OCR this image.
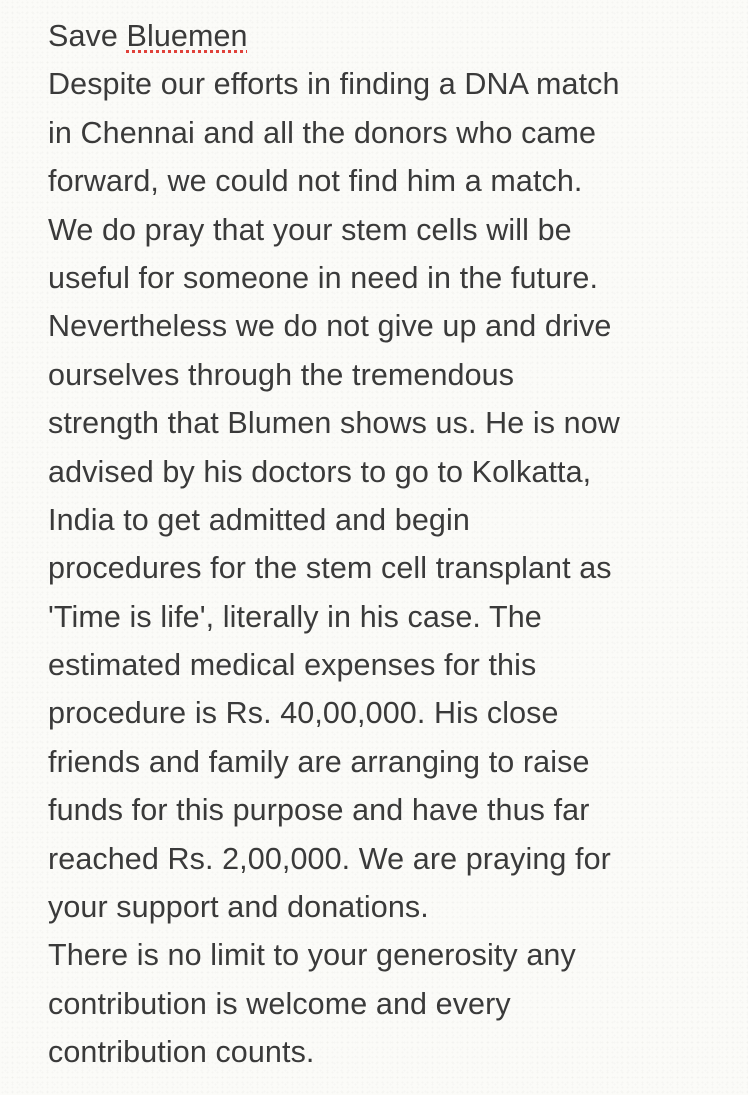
Save Bluemen
Despite our efforts in finding a DNA match
in Chennai and all the donors who came
forward, we could not find him a match.
We do pray that your stem cells will be
useful for someone in need in the future.
Nevertheless we do not give up and drive
ourselves through the tremendous
strength that Blumen shows us. He is now
advised by his doctors to go to Kolkatta,
India to get admitted and begin
procedures for the stem cell transplant as
'Time is life', literally in his case. The
estimated medical expenses for this
procedure is Rs. 40,00,000. His close
friends and family are arranging to raise
funds for this purpose and have thus far
reached Rs. 2,00,000. We are praying for
your support and donations.
There is no limit to your generosity any
contribution is welcome and every
contribution counts.
